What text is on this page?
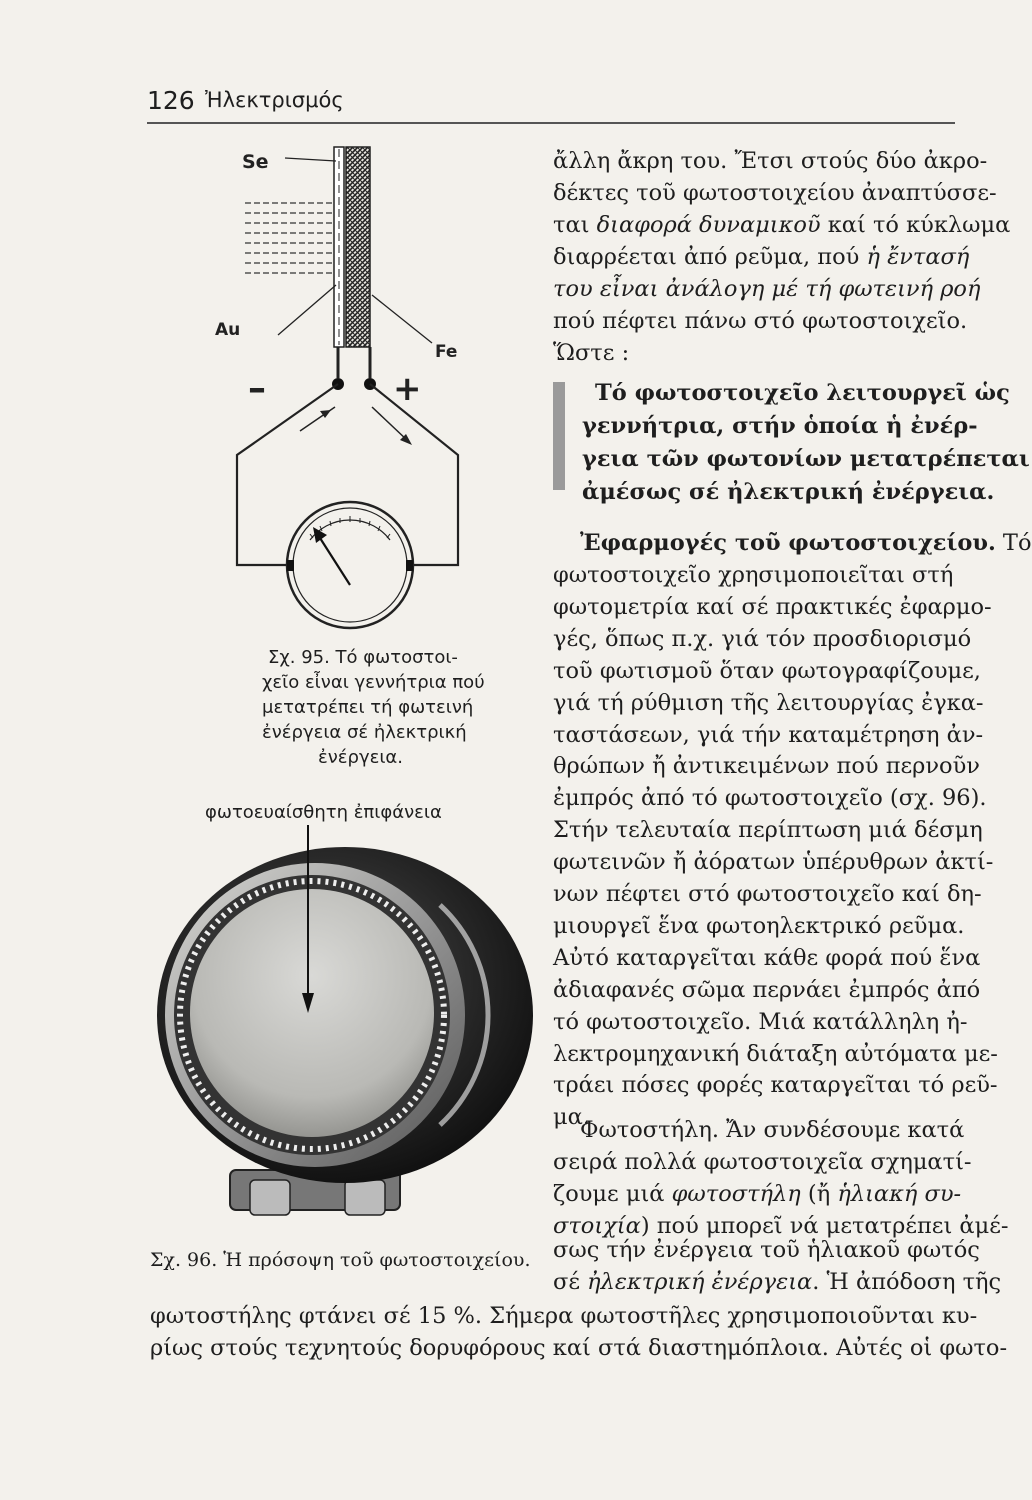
126 Ἠλεκτρισμός
ἄλλη ἄκρη του. Ἔτσι στούς δύο ἀκρο-
δέκτες τοῦ φωτοστοιχείου ἀναπτύσσε-
ται διαφορά δυναμικοῦ καί τό κύκλωμα
διαρρέεται ἀπό ρεῦμα, πού ἡ ἔντασή
του εἶναι ἀνάλογη μέ τή φωτεινή ροή
πού πέφτει πάνω στό φωτοστοιχεῖο.
Ὥστε :
Τό φωτοστοιχεῖο λειτουργεῖ ὡς
γεννήτρια, στήν ὁποία ἡ ἐνέρ-
γεια τῶν φωτονίων μετατρέπεται
ἀμέσως σέ ἠλεκτρική ἐνέργεια.
Ἐφαρμογές τοῦ φωτοστοιχείου. Τό
φωτοστοιχεῖο χρησιμοποιεῖται στή
φωτομετρία καί σέ πρακτικές ἐφαρμο-
γές, ὅπως π.χ. γιά τόν προσδιορισμό
τοῦ φωτισμοῦ ὅταν φωτογραφίζουμε,
γιά τή ρύθμιση τῆς λειτουργίας ἐγκα-
ταστάσεων, γιά τήν καταμέτρηση ἀν-
θρώπων ἤ ἀντικειμένων πού περνοῦν
ἐμπρός ἀπό τό φωτοστοιχεῖο (σχ. 96).
Στήν τελευταία περίπτωση μιά δέσμη
φωτεινῶν ἤ ἀόρατων ὑπέρυθρων ἀκτί-
νων πέφτει στό φωτοστοιχεῖο καί δη-
μιουργεῖ ἕνα φωτοηλεκτρικό ρεῦμα.
Αὐτό καταργεῖται κάθε φορά πού ἕνα
ἀδιαφανές σῶμα περνάει ἐμπρός ἀπό
τό φωτοστοιχεῖο. Μιά κατάλληλη ἠ-
λεκτρομηχανική διάταξη αὐτόματα με-
τράει πόσες φορές καταργεῖται τό ρεῦ-
μα.
Φωτοστήλη. Ἄν συνδέσουμε κατά
σειρά πολλά φωτοστοιχεῖα σχηματί-
ζουμε μιά φωτοστήλη (ἤ ἡλιακή συ-
στοιχία) πού μπορεῖ νά μετατρέπει ἀμέ-
σως τήν ἐνέργεια τοῦ ἡλιακοῦ φωτός
σέ ἠλεκτρική ἐνέργεια. Ἡ ἀπόδοση τῆς
φωτοστήλης φτάνει σέ 15 %. Σήμερα φωτοστῆλες χρησιμοποιοῦνται κυ-
ρίως στούς τεχνητούς δορυφόρους καί στά διαστημόπλοια. Αὐτές οἱ φωτο-
Se
Au
Fe
–	+
Σχ. 95. Τό φωτοστοι-
χεῖο εἶναι γεννήτρια πού
μετατρέπει τή φωτεινή
ἐνέργεια σέ ἠλεκτρική
ἐνέργεια.
φωτοευαίσθητη ἐπιφάνεια
Σχ. 96. Ἡ πρόσοψη τοῦ φωτοστοιχείου.
